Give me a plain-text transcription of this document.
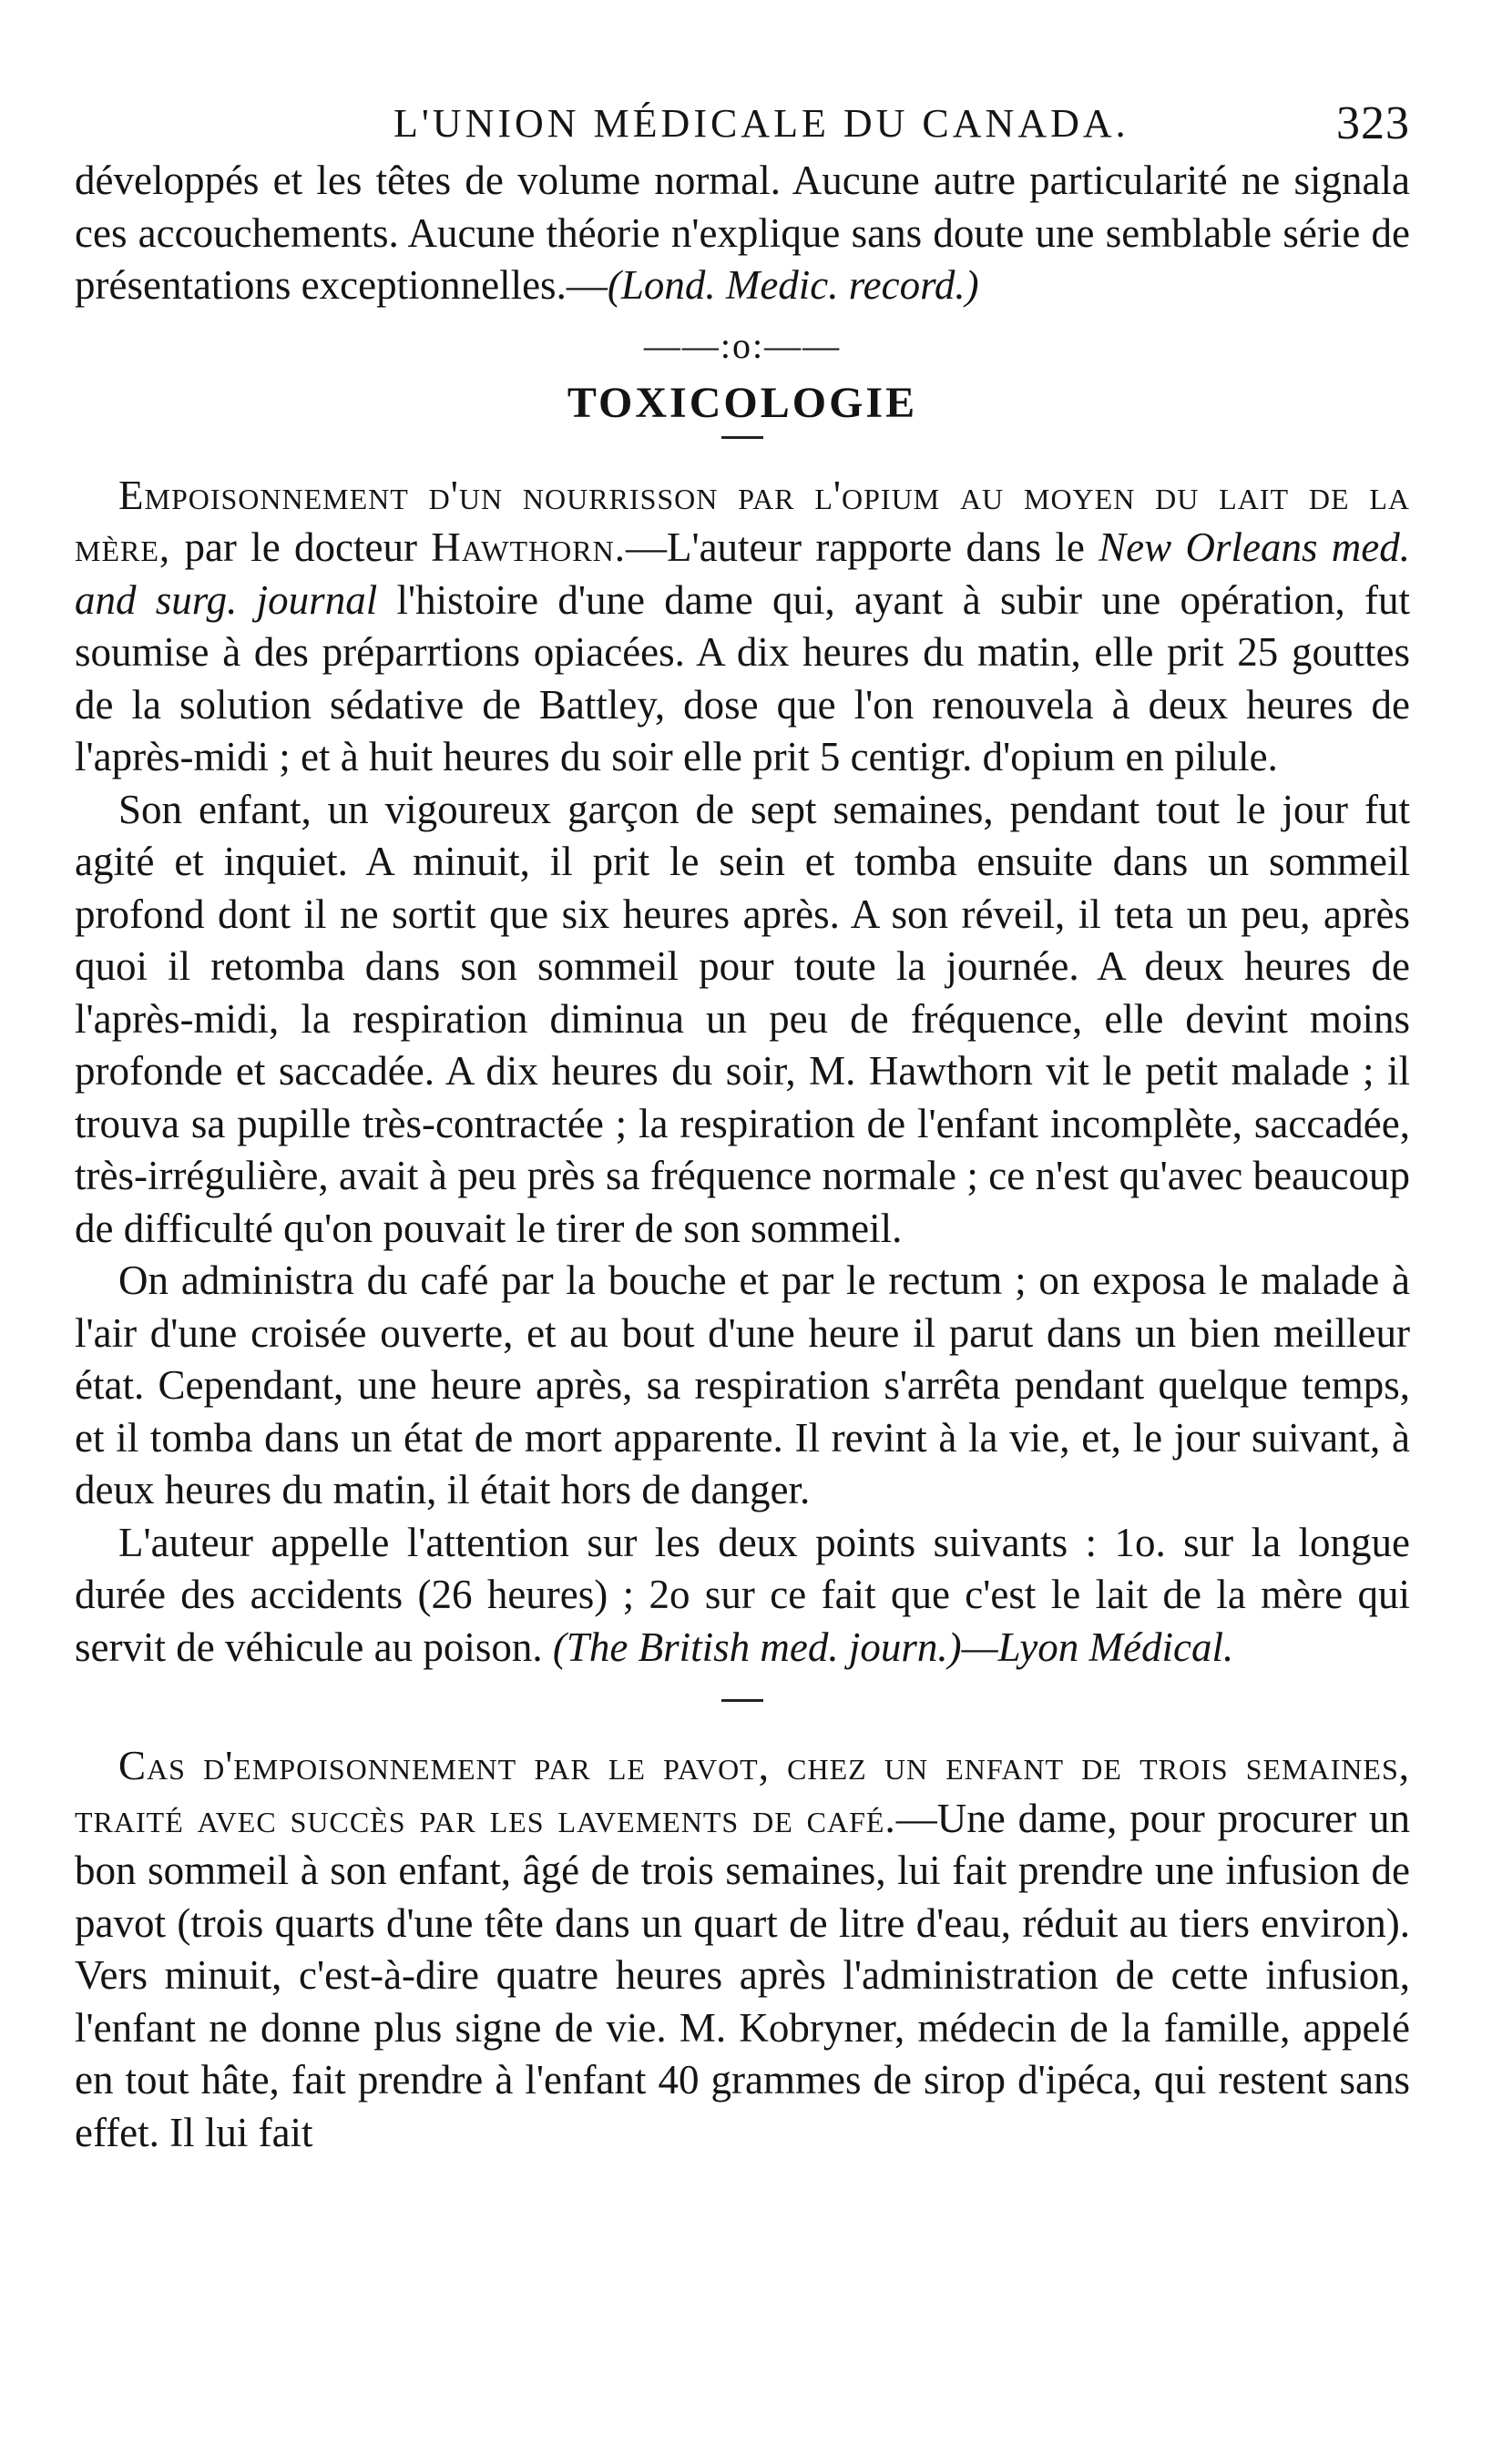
L'UNION MÉDICALE DU CANADA.	323

développés et les têtes de volume normal. Aucune autre particularité ne signala ces accouchements. Aucune théorie n'explique sans doute une semblable série de présentations exceptionnelles.—(Lond. Medic. record.)

——:o:——
TOXICOLOGIE

Empoisonnement d'un nourrisson par l'opium au moyen du lait de la mère, par le docteur Hawthorn.—L'auteur rapporte dans le New Orleans med. and surg. journal l'histoire d'une dame qui, ayant à subir une opération, fut soumise à des préparrtions opiacées. A dix heures du matin, elle prit 25 gouttes de la solution sédative de Battley, dose que l'on renouvela à deux heures de l'après-midi ; et à huit heures du soir elle prit 5 centigr. d'opium en pilule.

Son enfant, un vigoureux garçon de sept semaines, pendant tout le jour fut agité et inquiet. A minuit, il prit le sein et tomba ensuite dans un sommeil profond dont il ne sortit que six heures après. A son réveil, il teta un peu, après quoi il retomba dans son sommeil pour toute la journée. A deux heures de l'après-midi, la respiration diminua un peu de fréquence, elle devint moins profonde et saccadée. A dix heures du soir, M. Hawthorn vit le petit malade ; il trouva sa pupille très-contractée ; la respiration de l'enfant incomplète, saccadée, très-irrégulière, avait à peu près sa fréquence normale ; ce n'est qu'avec beaucoup de difficulté qu'on pouvait le tirer de son sommeil.

On administra du café par la bouche et par le rectum ; on exposa le malade à l'air d'une croisée ouverte, et au bout d'une heure il parut dans un bien meilleur état. Cependant, une heure après, sa respiration s'arrêta pendant quelque temps, et il tomba dans un état de mort apparente. Il revint à la vie, et, le jour suivant, à deux heures du matin, il était hors de danger.

L'auteur appelle l'attention sur les deux points suivants : 1o. sur la longue durée des accidents (26 heures) ; 2o sur ce fait que c'est le lait de la mère qui servit de véhicule au poison. (The British med. journ.)—Lyon Médical.

Cas d'empoisonnement par le pavot, chez un enfant de trois semaines, traité avec succès par les lavements de café.—Une dame, pour procurer un bon sommeil à son enfant, âgé de trois semaines, lui fait prendre une infusion de pavot (trois quarts d'une tête dans un quart de litre d'eau, réduit au tiers environ). Vers minuit, c'est-à-dire quatre heures après l'administration de cette infusion, l'enfant ne donne plus signe de vie. M. Kobryner, médecin de la famille, appelé en tout hâte, fait prendre à l'enfant 40 grammes de sirop d'ipéca, qui restent sans effet. Il lui fait
